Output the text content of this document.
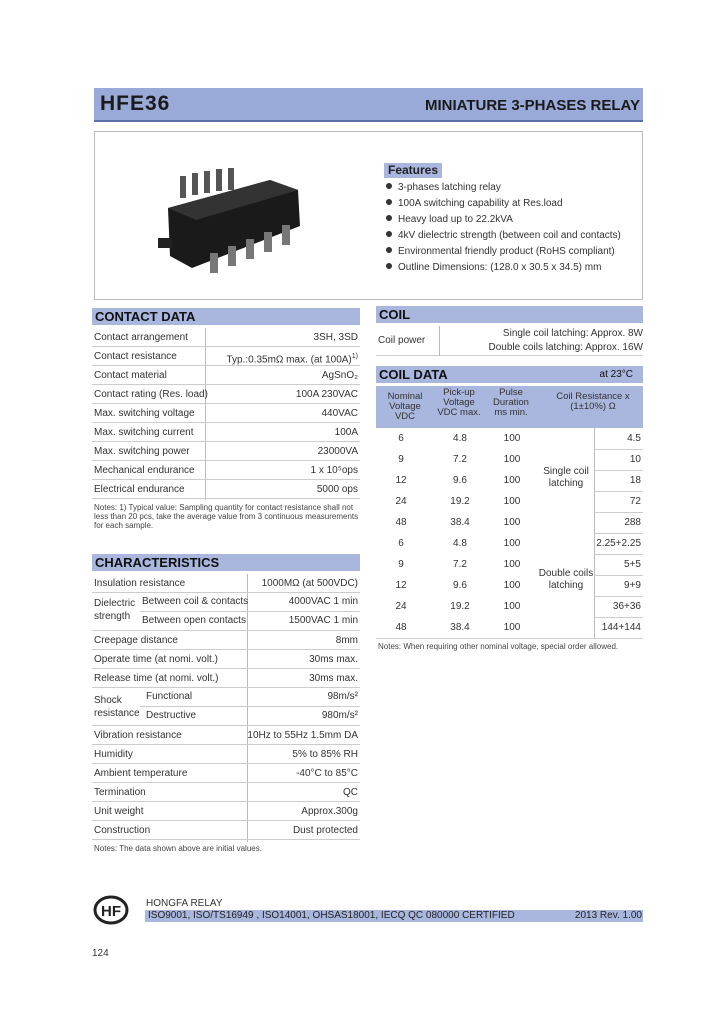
HFE36	MINIATURE 3-PHASES RELAY
Features
3-phases latching relay
100A switching capability at Res.load
Heavy load up to 22.2kVA
4kV dielectric strength (between coil and contacts)
Environmental friendly product (RoHS compliant)
Outline Dimensions: (128.0 x 30.5 x 34.5) mm
CONTACT DATA
Contact arrangement	3SH, 3SD
Contact resistance	Typ.:0.35mΩ max. (at 100A)$^{1)}$
Contact material	AgSnO₂
Contact rating (Res. load)	100A 230VAC
Max. switching voltage	440VAC
Max. switching current	100A
Max. switching power	23000VA
Mechanical endurance	1 x 10⁵ops
Electrical endurance	5000 ops
Notes: 1) Typical value: Sampling quantity for contact resistance shall not less than 20 pcs, take the average value from 3 continuous measurements for each sample.
COIL
Coil power
Single coil latching: Approx. 8W
Double coils latching: Approx. 16W
COIL DATA	at 23°C
Nominal Voltage VDC
Pick-up Voltage VDC max.
Pulse Duration ms min.
Coil Resistance x (1±10%) Ω
Single coil latching
Double coils latching
6	4.8	100	4.5
9	7.2	100	10
12	9.6	100	18
24	19.2	100	72
48	38.4	100	288
6	4.8	100	2.25+2.25
9	7.2	100	5+5
12	9.6	100	9+9
24	19.2	100	36+36
48	38.4	100	144+144
Notes: When requiring other nominal voltage, special order allowed.
CHARACTERISTICS
Insulation resistance	1000MΩ (at 500VDC)
Dielectric strength
Between coil & contacts	4000VAC 1 min
Between open contacts	1500VAC 1 min
Creepage distance	8mm
Operate time (at nomi. volt.)	30ms max.
Release time (at nomi. volt.)	30ms max.
Shock resistance
Functional	98m/s²
Destructive	980m/s²
Vibration resistance	10Hz to 55Hz 1.5mm DA
Humidity	5% to 85% RH
Ambient temperature	-40°C to 85°C
Termination	QC
Unit weight	Approx.300g
Construction	Dust protected
Notes: The data shown above are initial values.
HF	HONGFA RELAY
ISO9001, ISO/TS16949 , ISO14001, OHSAS18001, IECQ QC 080000 CERTIFIED	2013 Rev. 1.00
124
